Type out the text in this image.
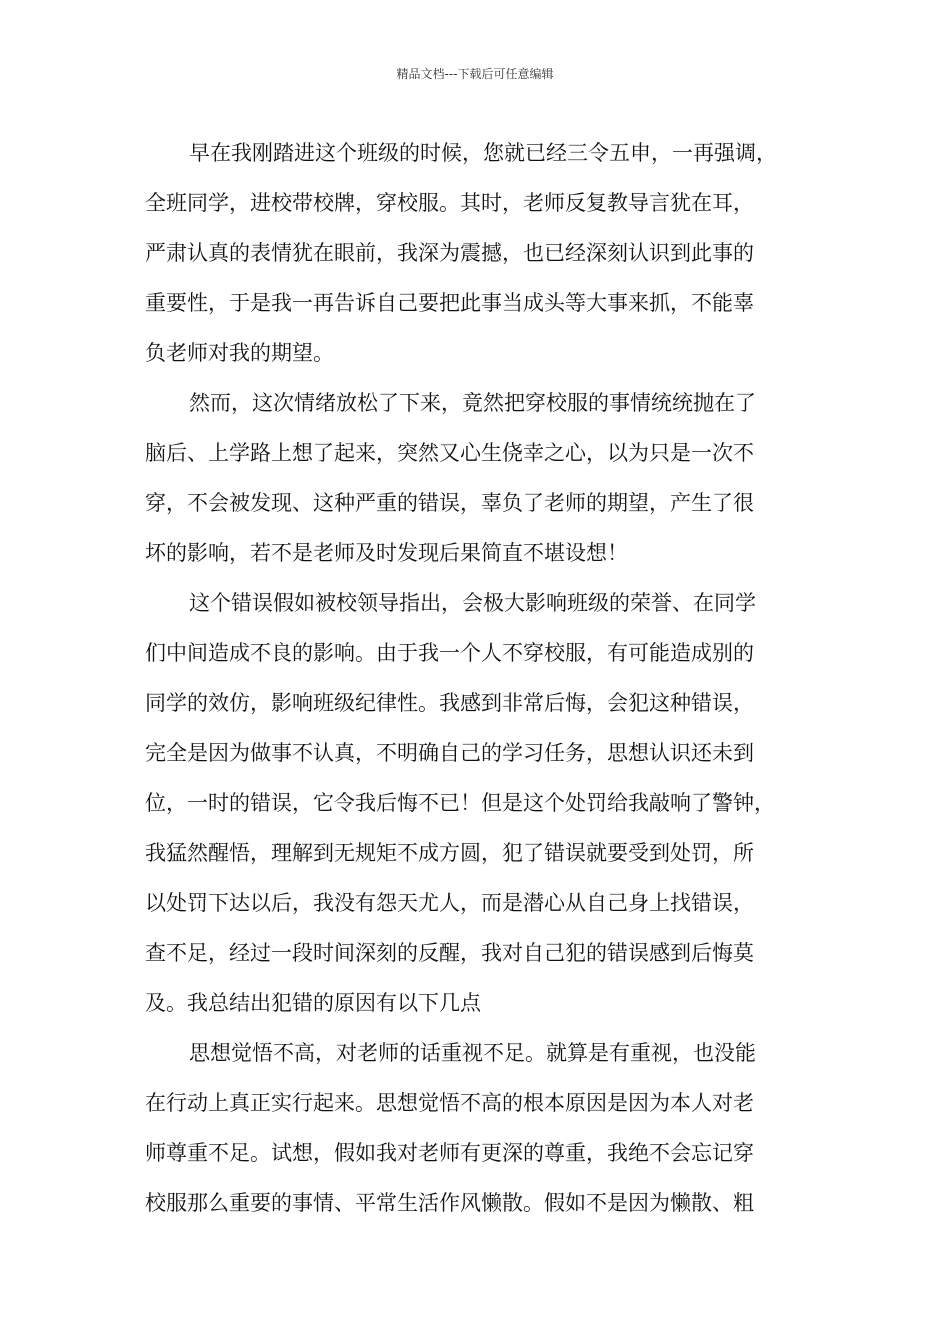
精品文档---下载后可任意编辑
早在我刚踏进这个班级的时候，您就已经三令五申，一再强调，
全班同学，进校带校牌，穿校服。其时，老师反复教导言犹在耳，
严肃认真的表情犹在眼前，我深为震撼，也已经深刻认识到此事的
重要性，于是我一再告诉自己要把此事当成头等大事来抓，不能辜
负老师对我的期望。
然而，这次情绪放松了下来，竟然把穿校服的事情统统抛在了
脑后、上学路上想了起来，突然又心生侥幸之心，以为只是一次不
穿，不会被发现、这种严重的错误，辜负了老师的期望，产生了很
坏的影响，若不是老师及时发现后果简直不堪设想！
这个错误假如被校领导指出，会极大影响班级的荣誉、在同学
们中间造成不良的影响。由于我一个人不穿校服，有可能造成别的
同学的效仿，影响班级纪律性。我感到非常后悔，会犯这种错误，
完全是因为做事不认真，不明确自己的学习任务，思想认识还未到
位，一时的错误，它令我后悔不已！但是这个处罚给我敲响了警钟，
我猛然醒悟，理解到无规矩不成方圆，犯了错误就要受到处罚，所
以处罚下达以后，我没有怨天尤人，而是潜心从自己身上找错误，
查不足，经过一段时间深刻的反醒，我对自己犯的错误感到后悔莫
及。我总结出犯错的原因有以下几点
思想觉悟不高，对老师的话重视不足。就算是有重视，也没能
在行动上真正实行起来。思想觉悟不高的根本原因是因为本人对老
师尊重不足。试想，假如我对老师有更深的尊重，我绝不会忘记穿
校服那么重要的事情、平常生活作风懒散。假如不是因为懒散、粗
